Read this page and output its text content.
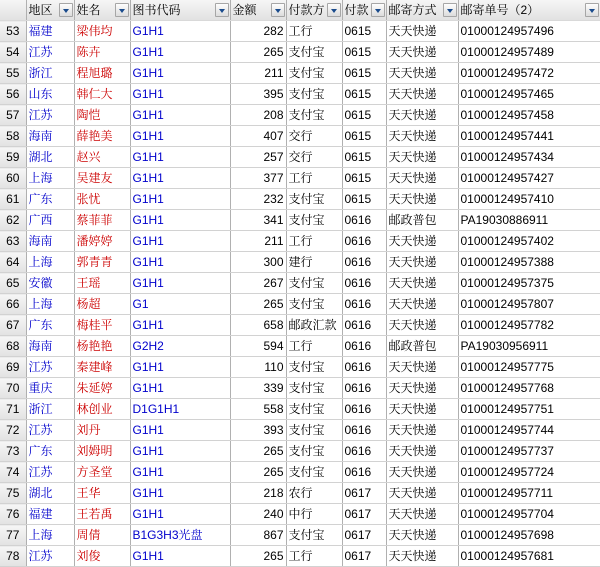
	地区	姓名	图书代码	金额	付款方	付款	邮寄方式	邮寄单号（2）

53	福建	梁伟均	G1H1	282	工行	0615	天天快递	01000124957496
54	江苏	陈卉	G1H1	265	支付宝	0615	天天快递	01000124957489
55	浙江	程旭璐	G1H1	211	支付宝	0615	天天快递	01000124957472
56	山东	韩仁大	G1H1	395	支付宝	0615	天天快递	01000124957465
57	江苏	陶恺	G1H1	208	支付宝	0615	天天快递	01000124957458
58	海南	薛艳美	G1H1	407	交行	0615	天天快递	01000124957441
59	湖北	赵兴	G1H1	257	交行	0615	天天快递	01000124957434
60	上海	吴建友	G1H1	377	工行	0615	天天快递	01000124957427
61	广东	张忧	G1H1	232	支付宝	0615	天天快递	01000124957410
62	广西	蔡菲菲	G1H1	341	支付宝	0616	邮政普包	PA19030886911
63	海南	潘婷婷	G1H1	211	工行	0616	天天快递	01000124957402
64	上海	郭青青	G1H1	300	建行	0616	天天快递	01000124957388
65	安徽	王瑶	G1H1	267	支付宝	0616	天天快递	01000124957375
66	上海	杨超	G1	265	支付宝	0616	天天快递	01000124957807
67	广东	梅桂平	G1H1	658	邮政汇款	0616	天天快递	01000124957782
68	海南	杨艳艳	G2H2	594	工行	0616	邮政普包	PA19030956911
69	江苏	秦建峰	G1H1	110	支付宝	0616	天天快递	01000124957775
70	重庆	朱延婷	G1H1	339	支付宝	0616	天天快递	01000124957768
71	浙江	林创业	D1G1H1	558	支付宝	0616	天天快递	01000124957751
72	江苏	刘丹	G1H1	393	支付宝	0616	天天快递	01000124957744
73	广东	刘姆明	G1H1	265	支付宝	0616	天天快递	01000124957737
74	江苏	方圣堂	G1H1	265	支付宝	0616	天天快递	01000124957724
75	湖北	王华	G1H1	218	农行	0617	天天快递	01000124957711
76	福建	王若禹	G1H1	240	中行	0617	天天快递	01000124957704
77	上海	周倩	B1G3H3光盘	867	支付宝	0617	天天快递	01000124957698
78	江苏	刘俊	G1H1	265	工行	0617	天天快递	01000124957681
